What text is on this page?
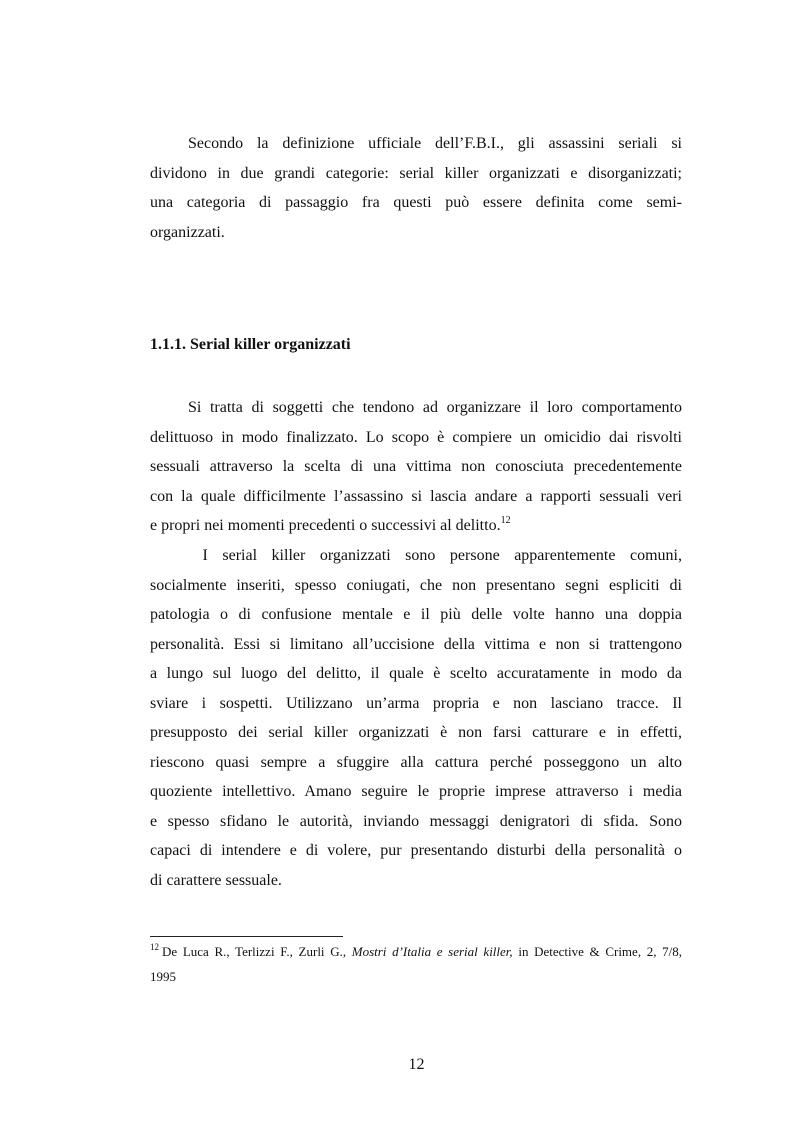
Secondo la definizione ufficiale dell’F.B.I., gli assassini seriali si
dividono in due grandi categorie: serial killer organizzati e disorganizzati;
una categoria di passaggio fra questi può essere definita come semi-
organizzati.

1.1.1. Serial killer organizzati

Si tratta di soggetti che tendono ad organizzare il loro comportamento
delittuoso in modo finalizzato. Lo scopo è compiere un omicidio dai risvolti
sessuali attraverso la scelta di una vittima non conosciuta precedentemente
con la quale difficilmente l’assassino si lascia andare a rapporti sessuali veri
e propri nei momenti precedenti o successivi al delitto.$^{12}$

I serial killer organizzati sono persone apparentemente comuni,
socialmente inseriti, spesso coniugati, che non presentano segni espliciti di
patologia o di confusione mentale e il più delle volte hanno una doppia
personalità. Essi si limitano all’uccisione della vittima e non si trattengono
a lungo sul luogo del delitto, il quale è scelto accuratamente in modo da
sviare i sospetti. Utilizzano un’arma propria e non lasciano tracce. Il
presupposto dei serial killer organizzati è non farsi catturare e in effetti,
riescono quasi sempre a sfuggire alla cattura perché posseggono un alto
quoziente intellettivo. Amano seguire le proprie imprese attraverso i media
e spesso sfidano le autorità, inviando messaggi denigratori di sfida. Sono
capaci di intendere e di volere, pur presentando disturbi della personalità o
di carattere sessuale.

$^{12}$ De Luca R., Terlizzi F., Zurli G., Mostri d’Italia e serial killer, in Detective & Crime, 2, 7/8,
1995
12
